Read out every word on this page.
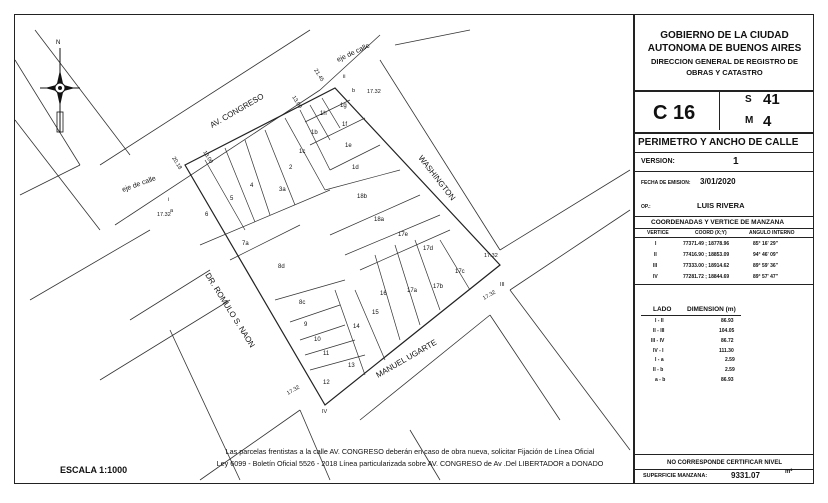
N
AV. CONGRESO
WASHINGTON
DR. ROMULO S. NAON
MANUEL UGARTE
eje de calle
eje de calle
III
IV
a
b
i
ii
21.45
17.32
20.18
17.32
17.32
17.32
17.32
13.00
13.00
1g
1h
1f
1b
1e
1c
1d
2
3a
4
5
6
7a
8d
18b
18a
17e
17d
17c
17b
17a
16
15
14
13
12
11
10
9
8c
GOBIERNO DE LA CIUDAD
AUTONOMA DE BUENOS AIRES
DIRECCION GENERAL DE REGISTRO DE
OBRAS Y CATASTRO
C 16
S 41
M 4
PERIMETRO Y ANCHO DE CALLE
VERSION:	1
FECHA DE EMISION: 3/01/2020
OP.:	LUIS RIVERA
COORDENADAS Y VERTICE DE MANZANA
VERTICE	COORD (X;Y)	ANGULO INTERNO
I	77371.49 ; 18778.96	85° 16' 29"
II	77416.90 ; 18853.09	94° 46' 09"
III	77333.00 ; 18914.62	89° 59' 36"
IV	77281.72 ; 18844.69	89° 57' 47"
LADO DIMENSION (m)
I - II	86.93
II - III	104.05
III - IV	86.72
IV - I	111.30
I - a	2.59
II - b	2.59
a - b	86.93
NO CORRESPONDE CERTIFICAR NIVEL
SUPERFICIE MANZANA:	9331.07	m²
Las parcelas frentistas a la calle AV. CONGRESO deberán en caso de obra nueva, solicitar Fijación de Línea Oficial
Ley 6099 - Boletín Oficial 5526 - 2018 Línea particularizada sobre AV. CONGRESO de Av .Del LIBERTADOR a DONADO
ESCALA 1:1000
